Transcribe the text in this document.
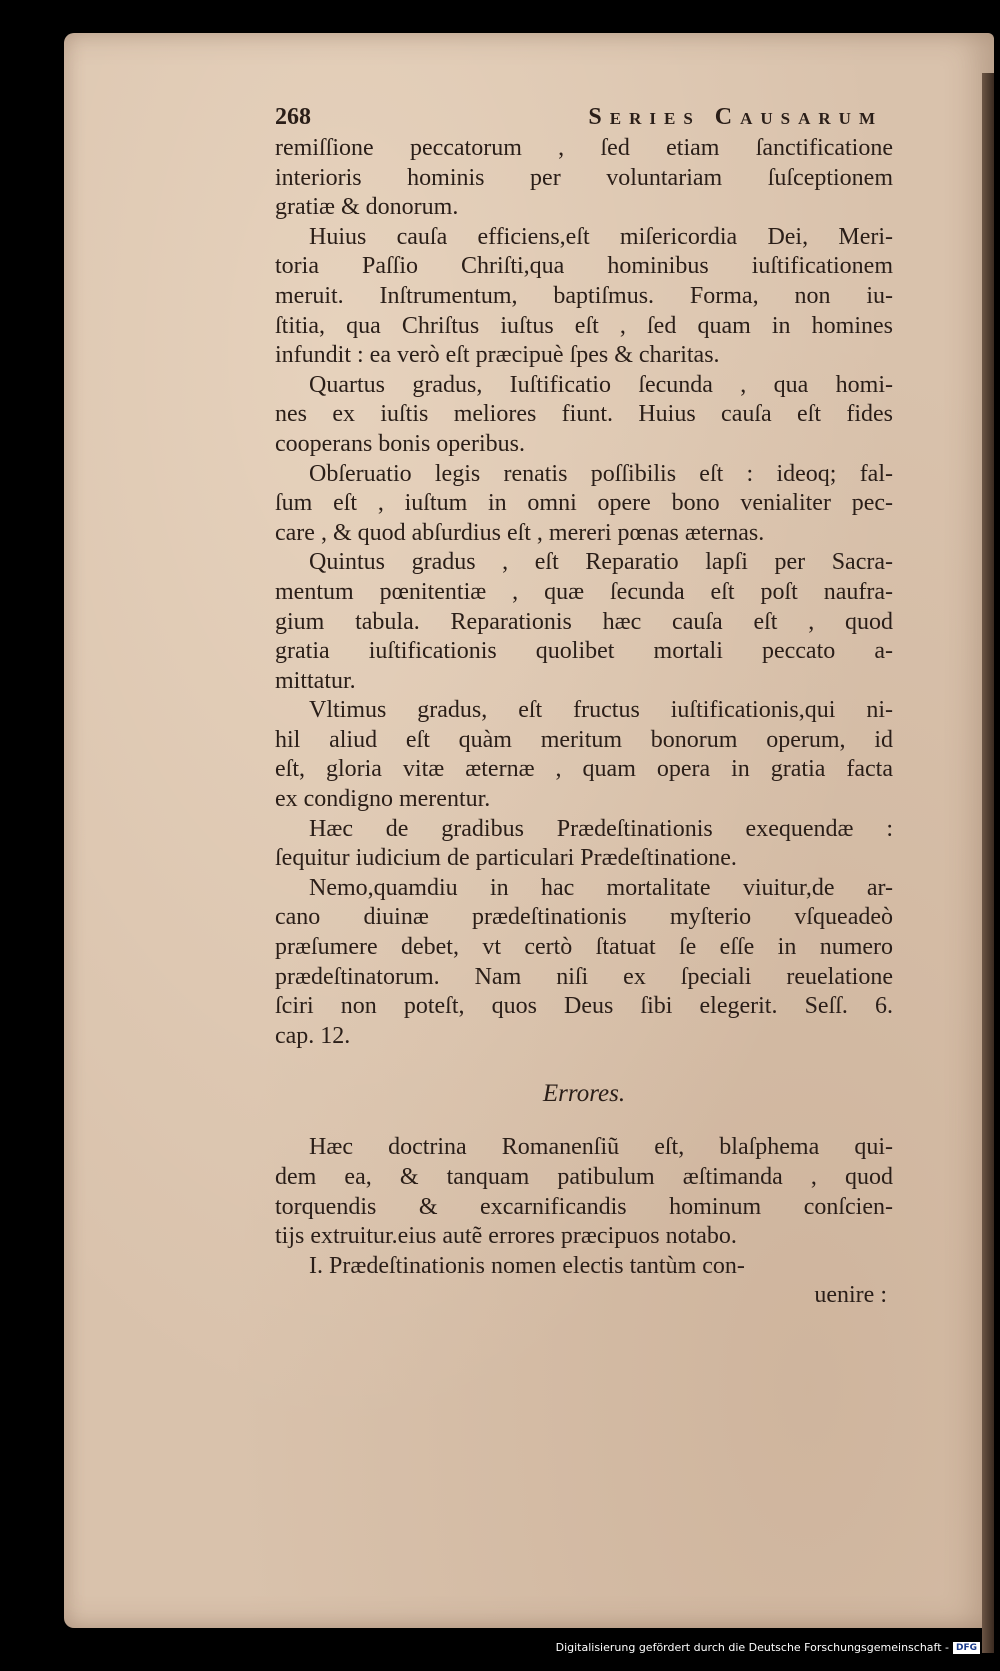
268	Series Causarum
remiſſione peccatorum , ſed etiam ſanctificatione
interioris hominis per voluntariam ſuſceptionem
gratiæ & donorum.
Huius cauſa efficiens,eſt miſericordia Dei, Meri-
toria Paſſio Chriſti,qua hominibus iuſtificationem
meruit. Inſtrumentum, baptiſmus. Forma, non iu-
ſtitia, qua Chriſtus iuſtus eſt , ſed quam in homines
infundit : ea verò eſt præcipuè ſpes & charitas.
Quartus gradus, Iuſtificatio ſecunda , qua homi-
nes ex iuſtis meliores fiunt. Huius cauſa eſt fides
cooperans bonis operibus.
Obſeruatio legis renatis poſſibilis eſt : ideoq; fal-
ſum eſt , iuſtum in omni opere bono venialiter pec-
care , & quod abſurdius eſt , mereri pœnas æternas.
Quintus gradus , eſt Reparatio lapſi per Sacra-
mentum pœnitentiæ , quæ ſecunda eſt poſt naufra-
gium tabula. Reparationis hæc cauſa eſt , quod
gratia iuſtificationis quolibet mortali peccato a-
mittatur.
Vltimus gradus, eſt fructus iuſtificationis,qui ni-
hil aliud eſt quàm meritum bonorum operum, id
eſt, gloria vitæ æternæ , quam opera in gratia facta
ex condigno merentur.
Hæc de gradibus Prædeſtinationis exequendæ :
ſequitur iudicium de particulari Prædeſtinatione.
Nemo,quamdiu in hac mortalitate viuitur,de ar-
cano diuinæ prædeſtinationis myſterio vſqueadeò
præſumere debet, vt certò ſtatuat ſe eſſe in numero
prædeſtinatorum. Nam niſi ex ſpeciali reuelatione
ſciri non poteſt, quos Deus ſibi elegerit. Seſſ. 6.
cap. 12.
Errores.
Hæc doctrina Romanenſiũ eſt, blaſphema qui-
dem ea, & tanquam patibulum æſtimanda , quod
torquendis & excarnificandis hominum conſcien-
tijs extruitur.eius autẽ errores præcipuos notabo.
I. Prædeſtinationis nomen electis tantùm con-
uenire :
Digitalisierung gefördert durch die Deutsche Forschungsgemeinschaft - DFG
